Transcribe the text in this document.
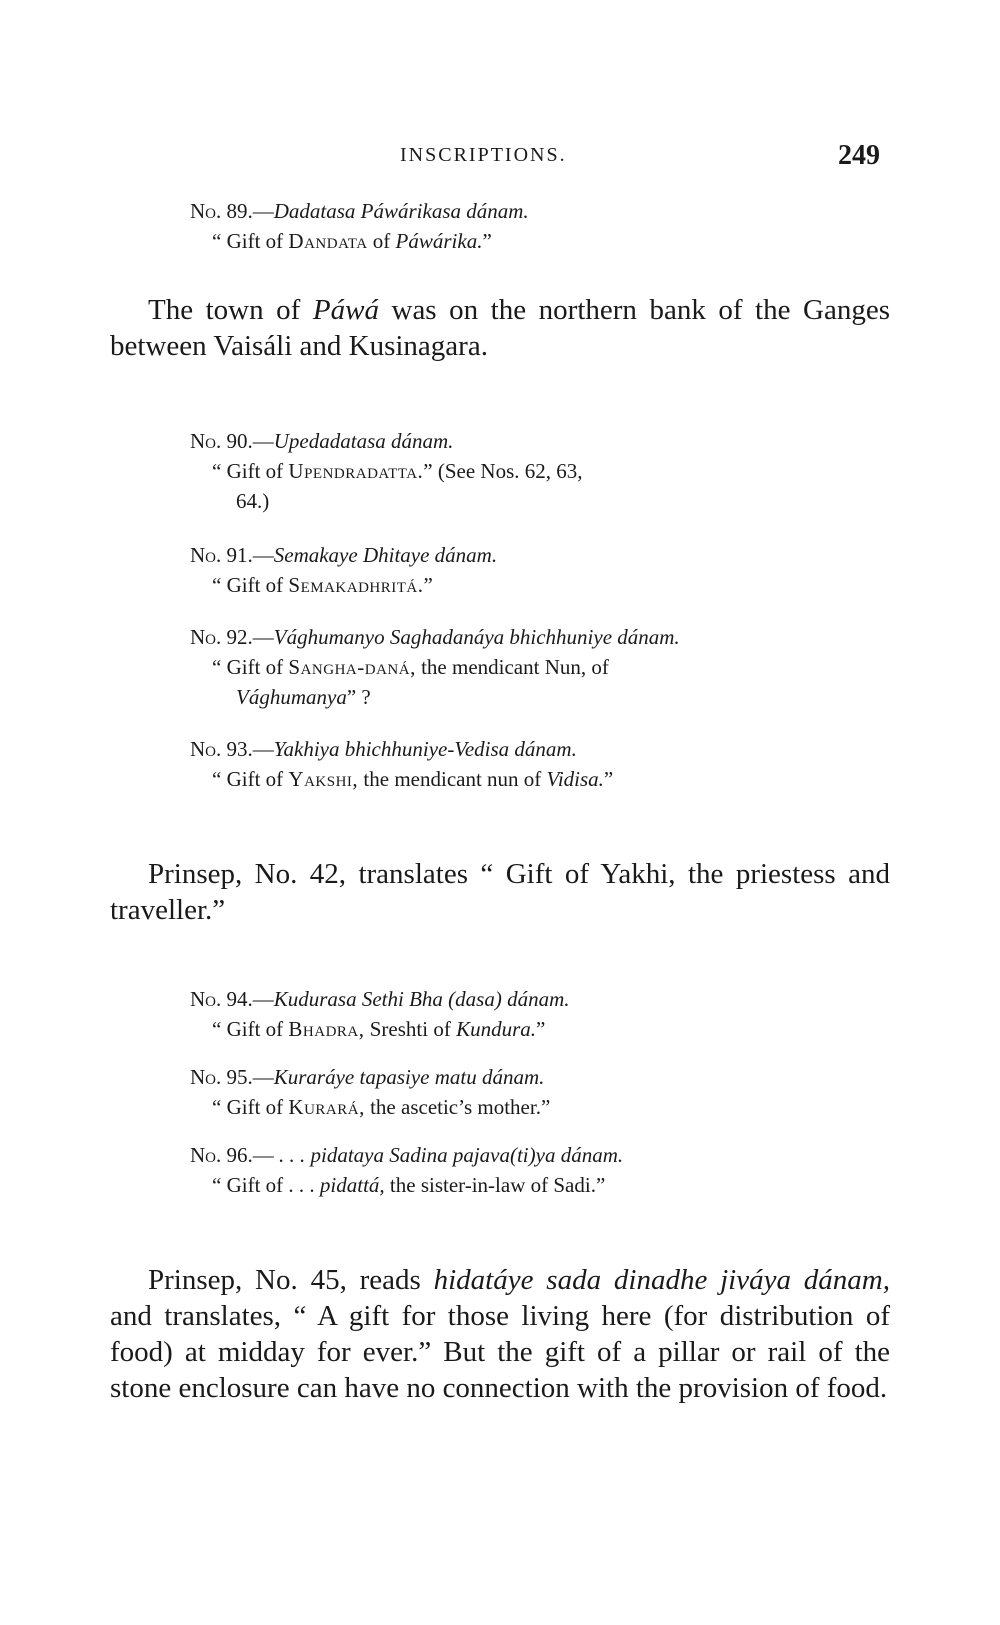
INSCRIPTIONS.	249
No. 89.—Dadatasa Páwárikasa dánam.
“ Gift of Dandata of Páwárika.”

The town of Páwá was on the northern bank of the Ganges between Vaisáli and Kusinagara.

No. 90.—Upedadatasa dánam.
“ Gift of Upendradatta.” (See Nos. 62, 63,
64.)
No. 91.—Semakaye Dhitaye dánam.
“ Gift of Semakadhritá.”
No. 92.—Vághumanyo Saghadanáya bhichhuniye dánam.
“ Gift of Sangha-daná, the mendicant Nun, of
Vághumanya” ?
No. 93.—Yakhiya bhichhuniye-Vedisa dánam.
“ Gift of Yakshi, the mendicant nun of Vidisa.”

Prinsep, No. 42, translates “ Gift of Yakhi, the priestess and traveller.”

No. 94.—Kudurasa Sethi Bha (dasa) dánam.
“ Gift of Bhadra, Sreshti of Kundura.”
No. 95.—Kuraráye tapasiye matu dánam.
“ Gift of Kurará, the ascetic’s mother.”
No. 96.— . . . pidataya Sadina pajava(ti)ya dánam.
“ Gift of . . . pidattá, the sister-in-law of Sadi.”

Prinsep, No. 45, reads hidatáye sada dinadhe jiváya dánam, and translates, “ A gift for those living here (for distribution of food) at midday for ever.” But the gift of a pillar or rail of the stone enclosure can have no connection with the provision of food.
